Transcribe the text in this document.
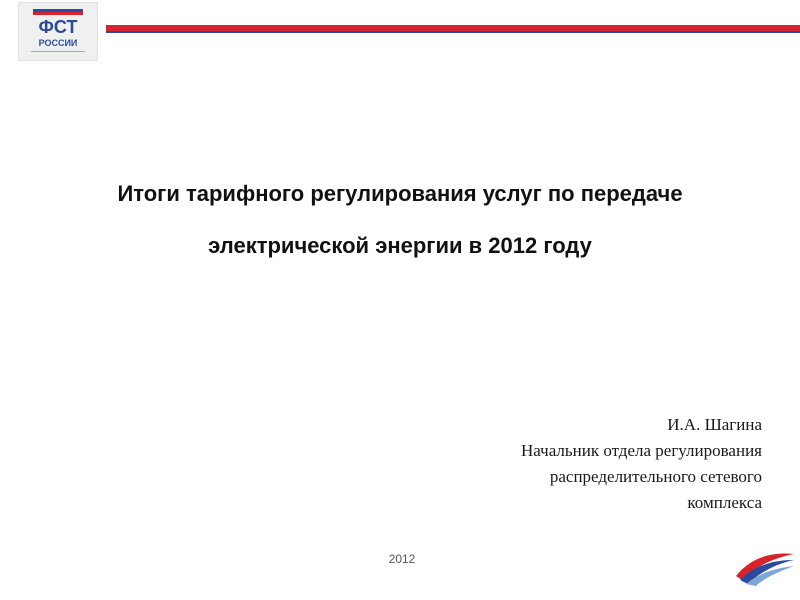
ФСТ
РОССИИ
Итоги тарифного регулирования услуг по передаче
электрической энергии в 2012 году
И.А. Шагина
Начальник отдела регулирования
распределительного сетевого
комплекса
2012
